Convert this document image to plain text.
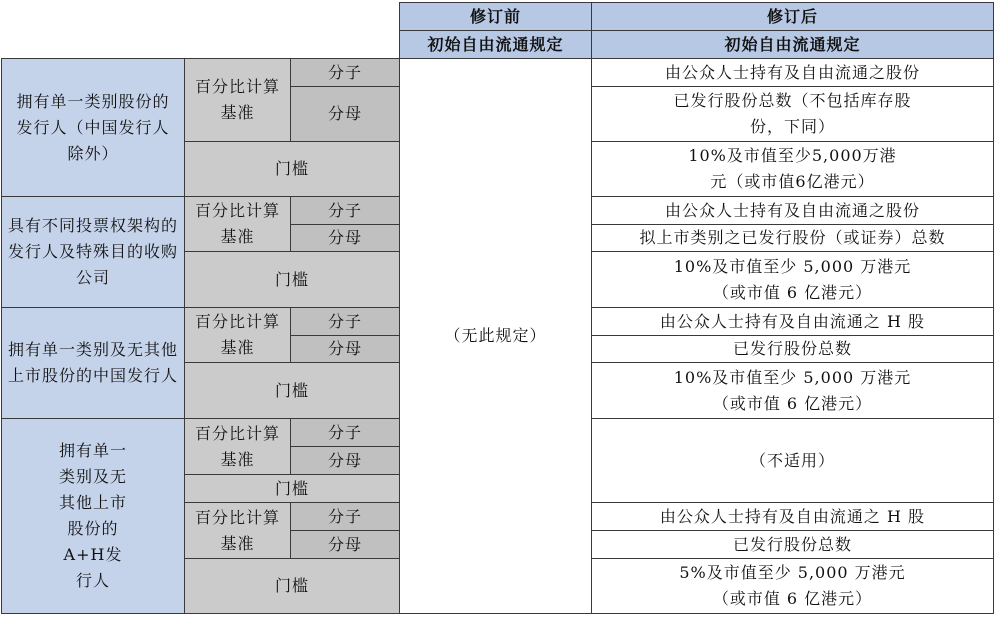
			修订前	修订后
			初始自由流通规定	初始自由流通规定
拥有单一类别股份的发行人（中国发行人除外）	百分比计算基准	分子	（无此规定）	由公众人士持有及自由流通之股份
		分母		已发行股份总数（不包括库存股份，下同）

	门槛			10%及市值至少5,000万港元（或市值6亿港元）
具有不同投票权架构的发行人及特殊目的收购公司	百分比计算基准	分子		由公众人士持有及自由流通之股份
		分母		拟上市类别之已发行股份（或证券）总数
	门槛			10%及市值至少 5,000 万港元（或市值 6 亿港元）
拥有单一类别及无其他上市股份的中国发行人	百分比计算基准	分子		由公众人士持有及自由流通之 H 股
		分母		已发行股份总数
	门槛			10%及市值至少 5,000 万港元（或市值 6 亿港元）
拥有单一类别及无其他上市股份的A+H发行人		百分比计算基准	分子		（不适用）
		分母		
	门槛			
	百分比计算基准	分子		由公众人士持有及自由流通之 H 股
		分母		已发行股份总数
	门槛			5%及市值至少 5,000 万港元（或市值 6 亿港元）
